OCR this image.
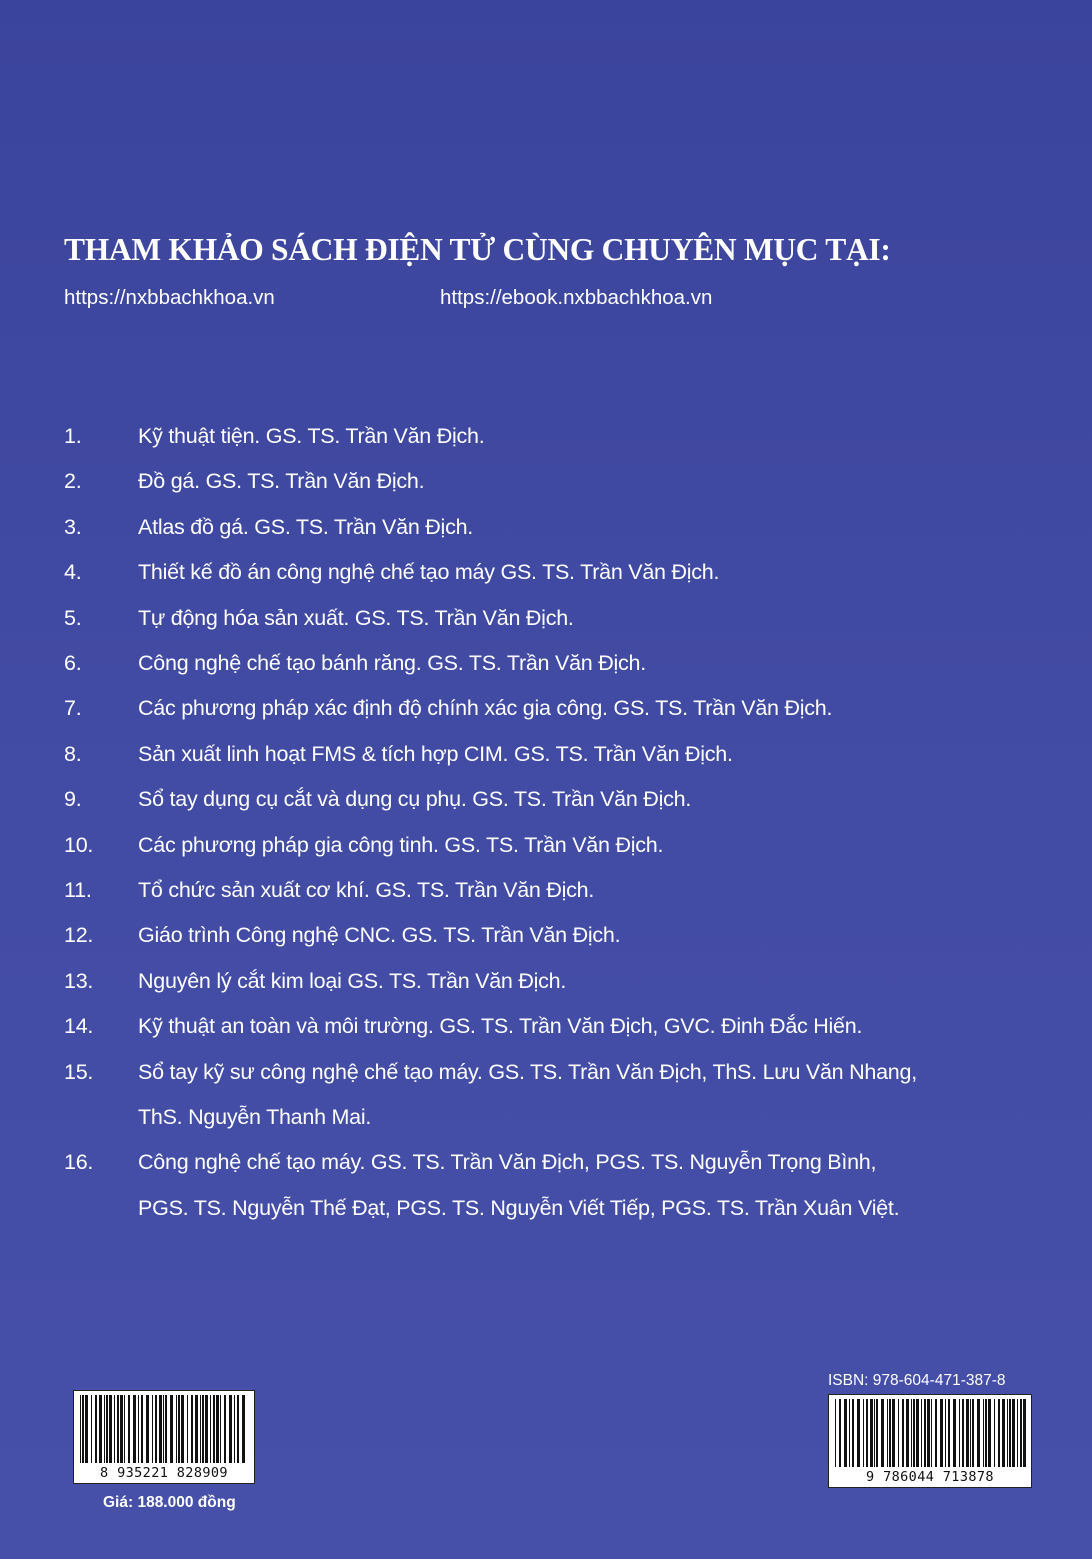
THAM KHẢO SÁCH ĐIỆN TỬ CÙNG CHUYÊN MỤC TẠI:
https://nxbbachkhoa.vn	https://ebook.nxbbachkhoa.vn
1.	Kỹ thuật tiện. GS. TS. Trần Văn Địch.
2.	Đồ gá. GS. TS. Trần Văn Địch.
3.	Atlas đồ gá. GS. TS. Trần Văn Địch.
4.	Thiết kế đồ án công nghệ chế tạo máy GS. TS. Trần Văn Địch.
5.	Tự động hóa sản xuất. GS. TS. Trần Văn Địch.
6.	Công nghệ chế tạo bánh răng. GS. TS. Trần Văn Địch.
7.	Các phương pháp xác định độ chính xác gia công. GS. TS. Trần Văn Địch.
8.	Sản xuất linh hoạt FMS & tích hợp CIM. GS. TS. Trần Văn Địch.
9.	Sổ tay dụng cụ cắt và dụng cụ phụ. GS. TS. Trần Văn Địch.
10. Các phương pháp gia công tinh. GS. TS. Trần Văn Địch.
11. Tổ chức sản xuất cơ khí. GS. TS. Trần Văn Địch.
12. Giáo trình Công nghệ CNC. GS. TS. Trần Văn Địch.
13. Nguyên lý cắt kim loại GS. TS. Trần Văn Địch.
14. Kỹ thuật an toàn và môi trường. GS. TS. Trần Văn Địch, GVC. Đinh Đắc Hiến.
15. Sổ tay kỹ sư công nghệ chế tạo máy. GS. TS. Trần Văn Địch, ThS. Lưu Văn Nhang,
ThS. Nguyễn Thanh Mai.
16. Công nghệ chế tạo máy. GS. TS. Trần Văn Địch, PGS. TS. Nguyễn Trọng Bình,
PGS. TS. Nguyễn Thế Đạt, PGS. TS. Nguyễn Viết Tiếp, PGS. TS. Trần Xuân Việt.
ISBN: 978-604-471-387-8
8 935221 828909	9 786044 713878
Giá: 188.000 đồng
